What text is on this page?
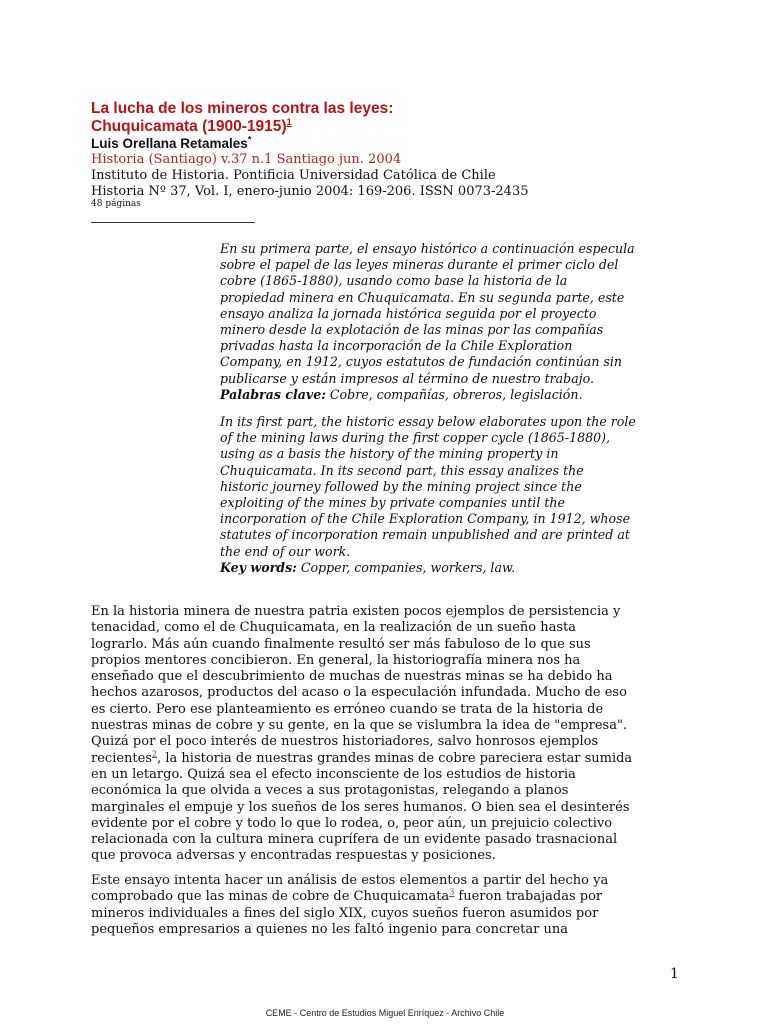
La lucha de los mineros contra las leyes:
Chuquicamata (1900-1915)$^1$
Luis Orellana Retamales*
Historia (Santiago) v.37 n.1 Santiago jun. 2004
Instituto de Historia. Pontificia Universidad Católica de Chile
Historia Nº 37, Vol. I, enero-junio 2004: 169-206. ISSN 0073-2435
48 páginas

En su primera parte, el ensayo histórico a continuación especula
sobre el papel de las leyes mineras durante el primer ciclo del
cobre (1865-1880), usando como base la historia de la
propiedad minera en Chuquicamata. En su segunda parte, este
ensayo analiza la jornada histórica seguida por el proyecto
minero desde la explotación de las minas por las compañías
privadas hasta la incorporación de la Chile Exploration
Company, en 1912, cuyos estatutos de fundación continúan sin
publicarse y están impresos al término de nuestro trabajo.
Palabras clave: Cobre, compañías, obreros, legislación.

In its first part, the historic essay below elaborates upon the role
of the mining laws during the first copper cycle (1865-1880),
using as a basis the history of the mining property in
Chuquicamata. In its second part, this essay analizes the
historic journey followed by the mining project since the
exploiting of the mines by private companies until the
incorporation of the Chile Exploration Company, in 1912, whose
statutes of incorporation remain unpublished and are printed at
the end of our work.
Key words: Copper, companies, workers, law.

En la historia minera de nuestra patria existen pocos ejemplos de persistencia y
tenacidad, como el de Chuquicamata, en la realización de un sueño hasta
lograrlo. Más aún cuando finalmente resultó ser más fabuloso de lo que sus
propios mentores concibieron. En general, la historiografía minera nos ha
enseñado que el descubrimiento de muchas de nuestras minas se ha debido ha
hechos azarosos, productos del acaso o la especulación infundada. Mucho de eso
es cierto. Pero ese planteamiento es erróneo cuando se trata de la historia de
nuestras minas de cobre y su gente, en la que se vislumbra la idea de "empresa".
Quizá por el poco interés de nuestros historiadores, salvo honrosos ejemplos
recientes$^2$, la historia de nuestras grandes minas de cobre pareciera estar sumida
en un letargo. Quizá sea el efecto inconsciente de los estudios de historia
económica la que olvida a veces a sus protagonistas, relegando a planos
marginales el empuje y los sueños de los seres humanos. O bien sea el desinterés
evidente por el cobre y todo lo que lo rodea, o, peor aún, un prejuicio colectivo
relacionada con la cultura minera cuprífera de un evidente pasado trasnacional
que provoca adversas y encontradas respuestas y posiciones.

Este ensayo intenta hacer un análisis de estos elementos a partir del hecho ya
comprobado que las minas de cobre de Chuquicamata$^3$ fueron trabajadas por
mineros individuales a fines del siglo XIX, cuyos sueños fueron asumidos por
pequeños empresarios a quienes no les faltó ingenio para concretar una

1
CEME - Centro de Estudios Miguel Enríquez - Archivo Chile
